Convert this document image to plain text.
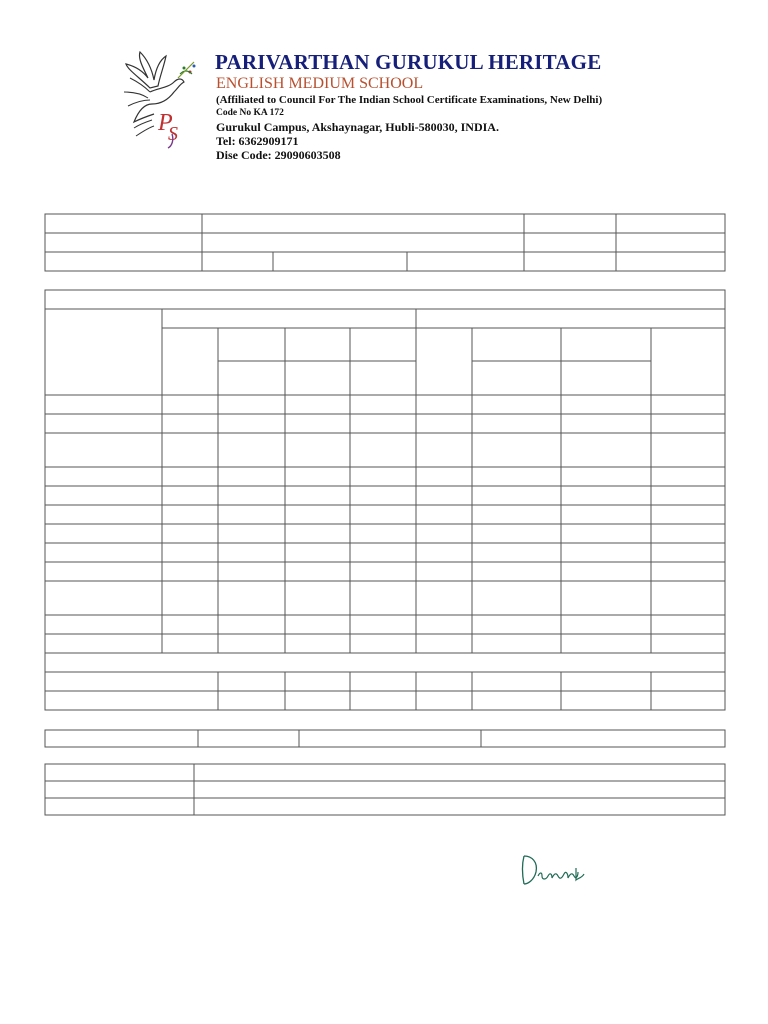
P
S
PARIVARTHAN GURUKUL HERITAGE
ENGLISH MEDIUM SCHOOL
(Affiliated to Council For The Indian School Certificate Examinations, New Delhi)
Code No KA 172
Gurukul Campus, Akshaynagar, Hubli-580030, INDIA.
Tel: 6362909171
Dise Code: 29090603508
